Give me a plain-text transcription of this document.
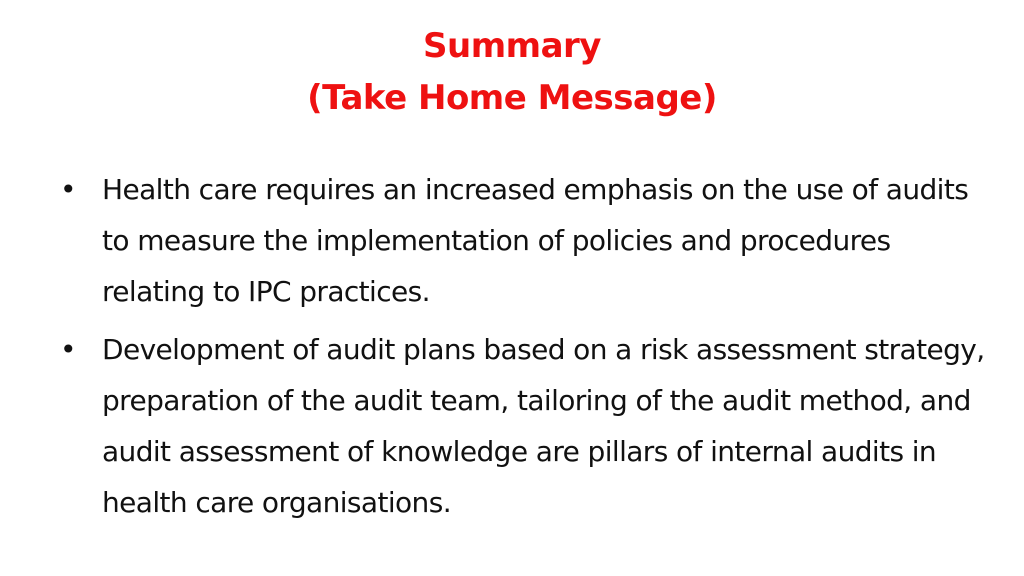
Summary
(Take Home Message)
• Health care requires an increased emphasis on the use of audits to measure the implementation of policies and procedures relating to IPC practices.
• Development of audit plans based on a risk assessment strategy, preparation of the audit team, tailoring of the audit method, and audit assessment of knowledge are pillars of internal audits in health care organisations.
